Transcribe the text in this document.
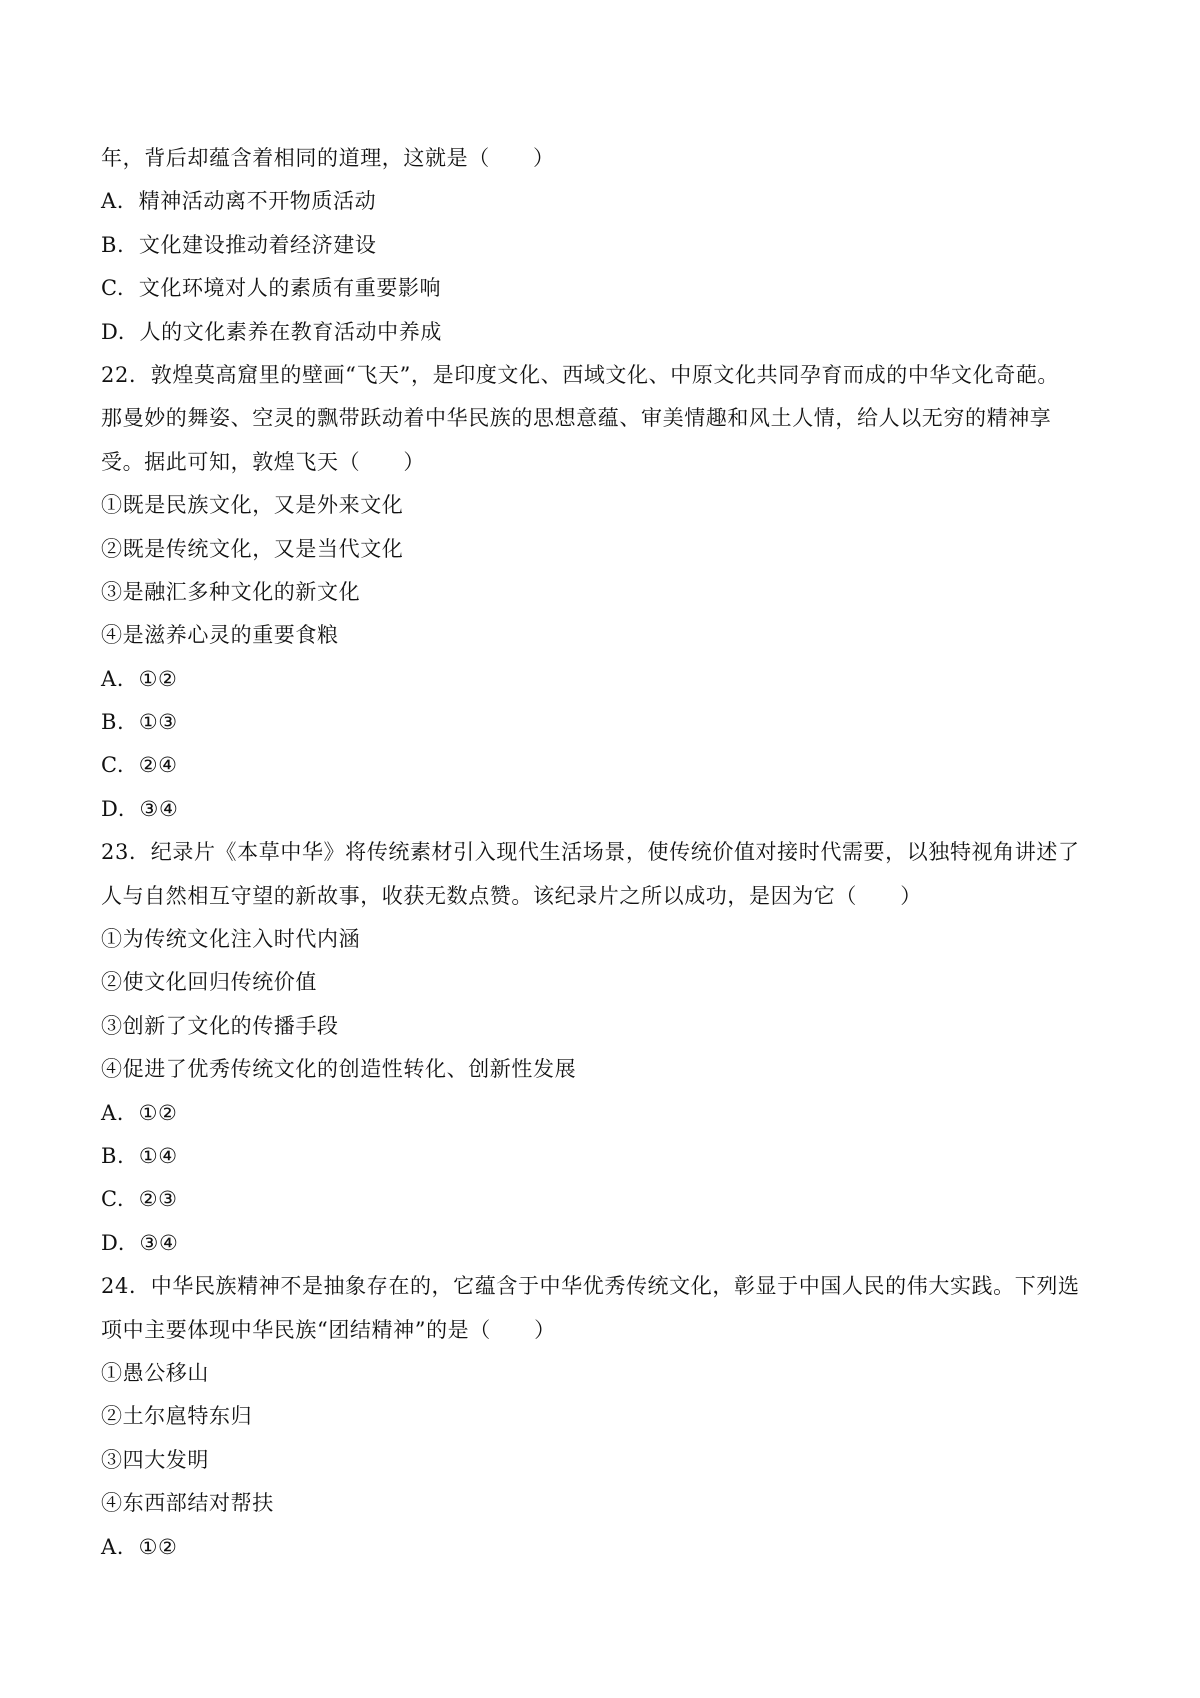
年，背后却蕴含着相同的道理，这就是（　　）
A.  精神活动离不开物质活动
B.  文化建设推动着经济建设
C.  文化环境对人的素质有重要影响
D.  人的文化素养在教育活动中养成
22.  敦煌莫高窟里的壁画“飞天”，是印度文化、西域文化、中原文化共同孕育而成的中华文化奇葩。
那曼妙的舞姿、空灵的飘带跃动着中华民族的思想意蕴、审美情趣和风土人情，给人以无穷的精神享
受。据此可知，敦煌飞天（　　）
①既是民族文化，又是外来文化
②既是传统文化，又是当代文化
③是融汇多种文化的新文化
④是滋养心灵的重要食粮
A.  ①②
B.  ①③
C.  ②④
D.  ③④
23.  纪录片《本草中华》将传统素材引入现代生活场景，使传统价值对接时代需要，以独特视角讲述了
人与自然相互守望的新故事，收获无数点赞。该纪录片之所以成功，是因为它（　　）
①为传统文化注入时代内涵
②使文化回归传统价值
③创新了文化的传播手段
④促进了优秀传统文化的创造性转化、创新性发展
A.  ①②
B.  ①④
C.  ②③
D.  ③④
24.  中华民族精神不是抽象存在的，它蕴含于中华优秀传统文化，彰显于中国人民的伟大实践。下列选
项中主要体现中华民族“团结精神”的是（　　）
①愚公移山
②土尔扈特东归
③四大发明
④东西部结对帮扶
A.  ①②
